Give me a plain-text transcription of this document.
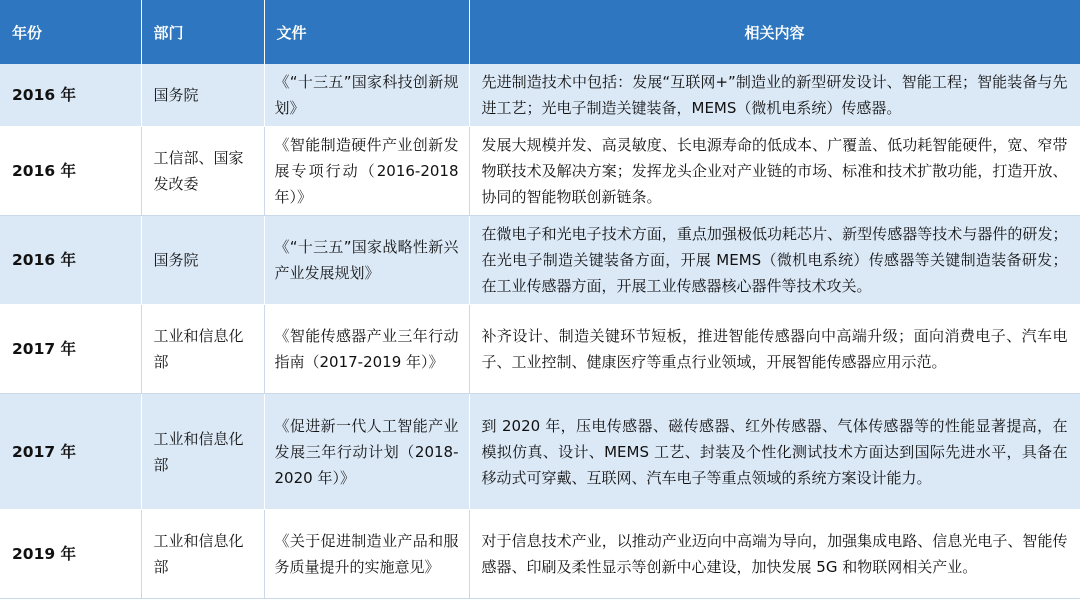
年份	部门	文件	相关内容
2016 年	国务院	《“十三五”国家科技创新规划》	先进制造技术中包括：发展“互联网+”制造业的新型研发设计、智能工程；智能装备与先进工艺；光电子制造关键装备，MEMS（微机电系统）传感器。
2016 年	工信部、国家发改委	《智能制造硬件产业创新发展专项行动（2016-2018 年）》	发展大规模并发、高灵敏度、长电源寿命的低成本、广覆盖、低功耗智能硬件，宽、窄带物联技术及解决方案；发挥龙头企业对产业链的市场、标准和技术扩散功能，打造开放、协同的智能物联创新链条。
2016 年	国务院	《“十三五”国家战略性新兴产业发展规划》	在微电子和光电子技术方面，重点加强极低功耗芯片、新型传感器等技术与器件的研发；在光电子制造关键装备方面，开展 MEMS（微机电系统）传感器等关键制造装备研发；在工业传感器方面，开展工业传感器核心器件等技术攻关。
2017 年	工业和信息化部	《智能传感器产业三年行动指南（2017-2019 年）》	补齐设计、制造关键环节短板，推进智能传感器向中高端升级；面向消费电子、汽车电子、工业控制、健康医疗等重点行业领域，开展智能传感器应用示范。
2017 年	工业和信息化部	《促进新一代人工智能产业发展三年行动计划（2018-2020 年）》	到 2020 年，压电传感器、磁传感器、红外传感器、气体传感器等的性能显著提高，在模拟仿真、设计、MEMS 工艺、封装及个性化测试技术方面达到国际先进水平，具备在移动式可穿戴、互联网、汽车电子等重点领域的系统方案设计能力。
2019 年	工业和信息化部	《关于促进制造业产品和服务质量提升的实施意见》	对于信息技术产业，以推动产业迈向中高端为导向，加强集成电路、信息光电子、智能传感器、印刷及柔性显示等创新中心建设，加快发展 5G 和物联网相关产业。
